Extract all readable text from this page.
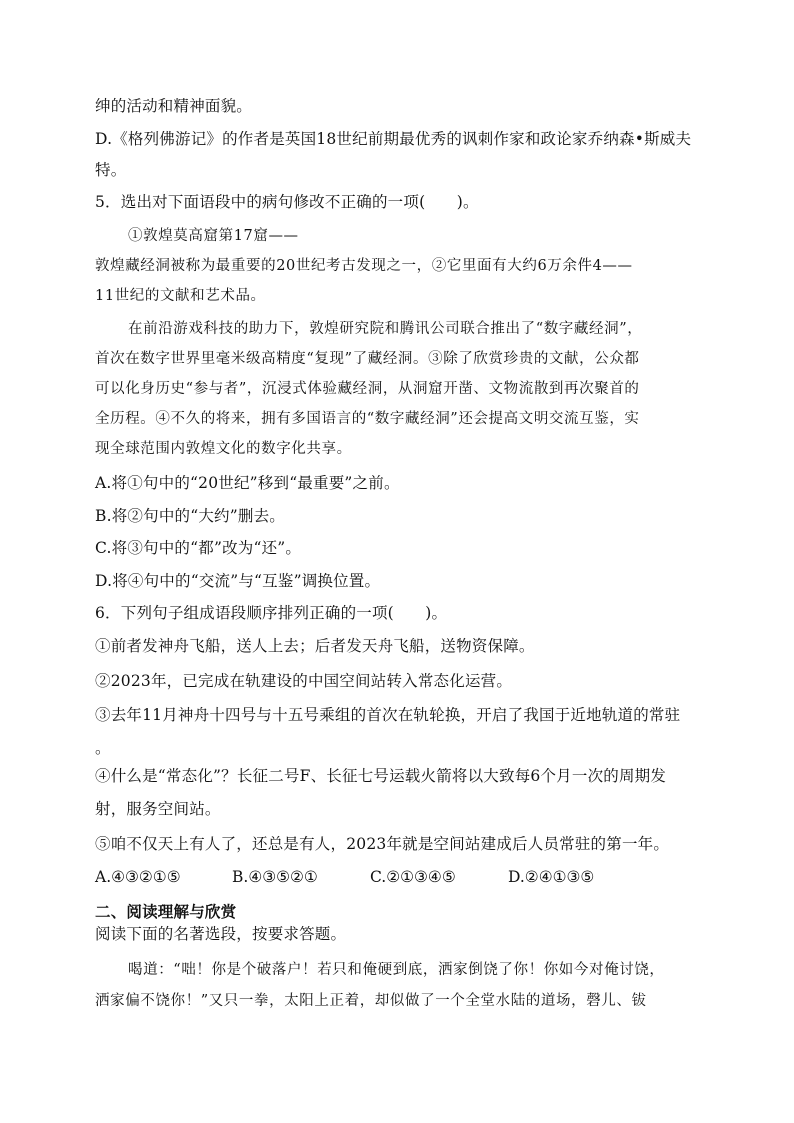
绅的活动和精神面貌。
D.《格列佛游记》的作者是英国18世纪前期最优秀的讽刺作家和政论家乔纳森•斯威夫
特。
5．选出对下面语段中的病句修改不正确的一项(　　)。
①敦煌莫高窟第17窟——
敦煌藏经洞被称为最重要的20世纪考古发现之一，②它里面有大约6万余件4——
11世纪的文献和艺术品。
在前沿游戏科技的助力下，敦煌研究院和腾讯公司联合推出了“数字藏经洞”，
首次在数字世界里毫米级高精度“复现”了藏经洞。③除了欣赏珍贵的文献，公众都
可以化身历史“参与者”，沉浸式体验藏经洞，从洞窟开凿、文物流散到再次聚首的
全历程。④不久的将来，拥有多国语言的“数字藏经洞”还会提高文明交流互鉴，实
现全球范围内敦煌文化的数字化共享。
A.将①句中的“20世纪”移到“最重要”之前。
B.将②句中的“大约”删去。
C.将③句中的“都”改为“还”。
D.将④句中的“交流”与“互鉴”调换位置。
6．下列句子组成语段顺序排列正确的一项(　　)。
①前者发神舟飞船，送人上去；后者发天舟飞船，送物资保障。
②2023年，已完成在轨建设的中国空间站转入常态化运营。
③去年11月神舟十四号与十五号乘组的首次在轨轮换，开启了我国于近地轨道的常驻
。
④什么是“常态化”？长征二号F、长征七号运载火箭将以大致每6个月一次的周期发
射，服务空间站。
⑤咱不仅天上有人了，还总是有人，2023年就是空间站建成后人员常驻的第一年。
A.④③②①⑤	B.④③⑤②①	C.②①③④⑤	D.②④①③⑤
二、阅读理解与欣赏
阅读下面的名著选段，按要求答题。
喝道：“咄！你是个破落户！若只和俺硬到底，洒家倒饶了你！你如今对俺讨饶，
洒家偏不饶你！”又只一拳，太阳上正着，却似做了一个全堂水陆的道场，磬儿、钹
